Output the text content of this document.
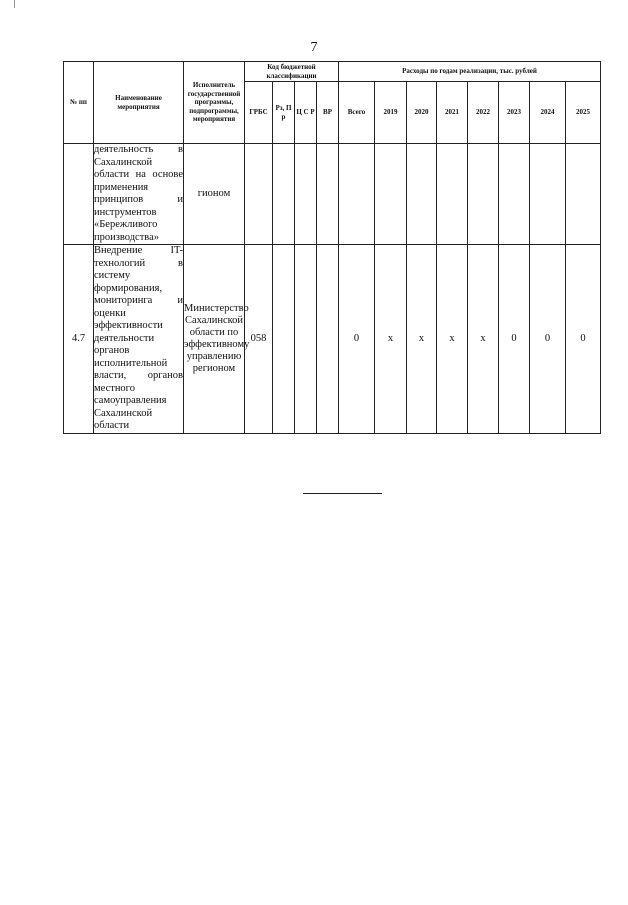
7
№ пп	Наименование мероприятия	Исполнитель государственной программы, подпрограммы, мероприятия	Код бюджетной классификации				Расходы по годам реализации, тыс. рублей							
			ГРБС	Рз, П р	Ц С Р	ВР	Всего	2019	2020	2021	2022	2023	2024	2025
	деятельность в Сахалинской области на основе применения принципов и инструментов «Бережливого производства»	гионом												
4.7	Внедрение IT-технологий в систему формирования, мониторинга и оценки эффективности деятельности органов исполнительной власти, органов местного самоуправления Сахалинской области	Министерство Сахалинской области по эффективному управлению регионом	058				0	x	x	x	x	0	0	0
